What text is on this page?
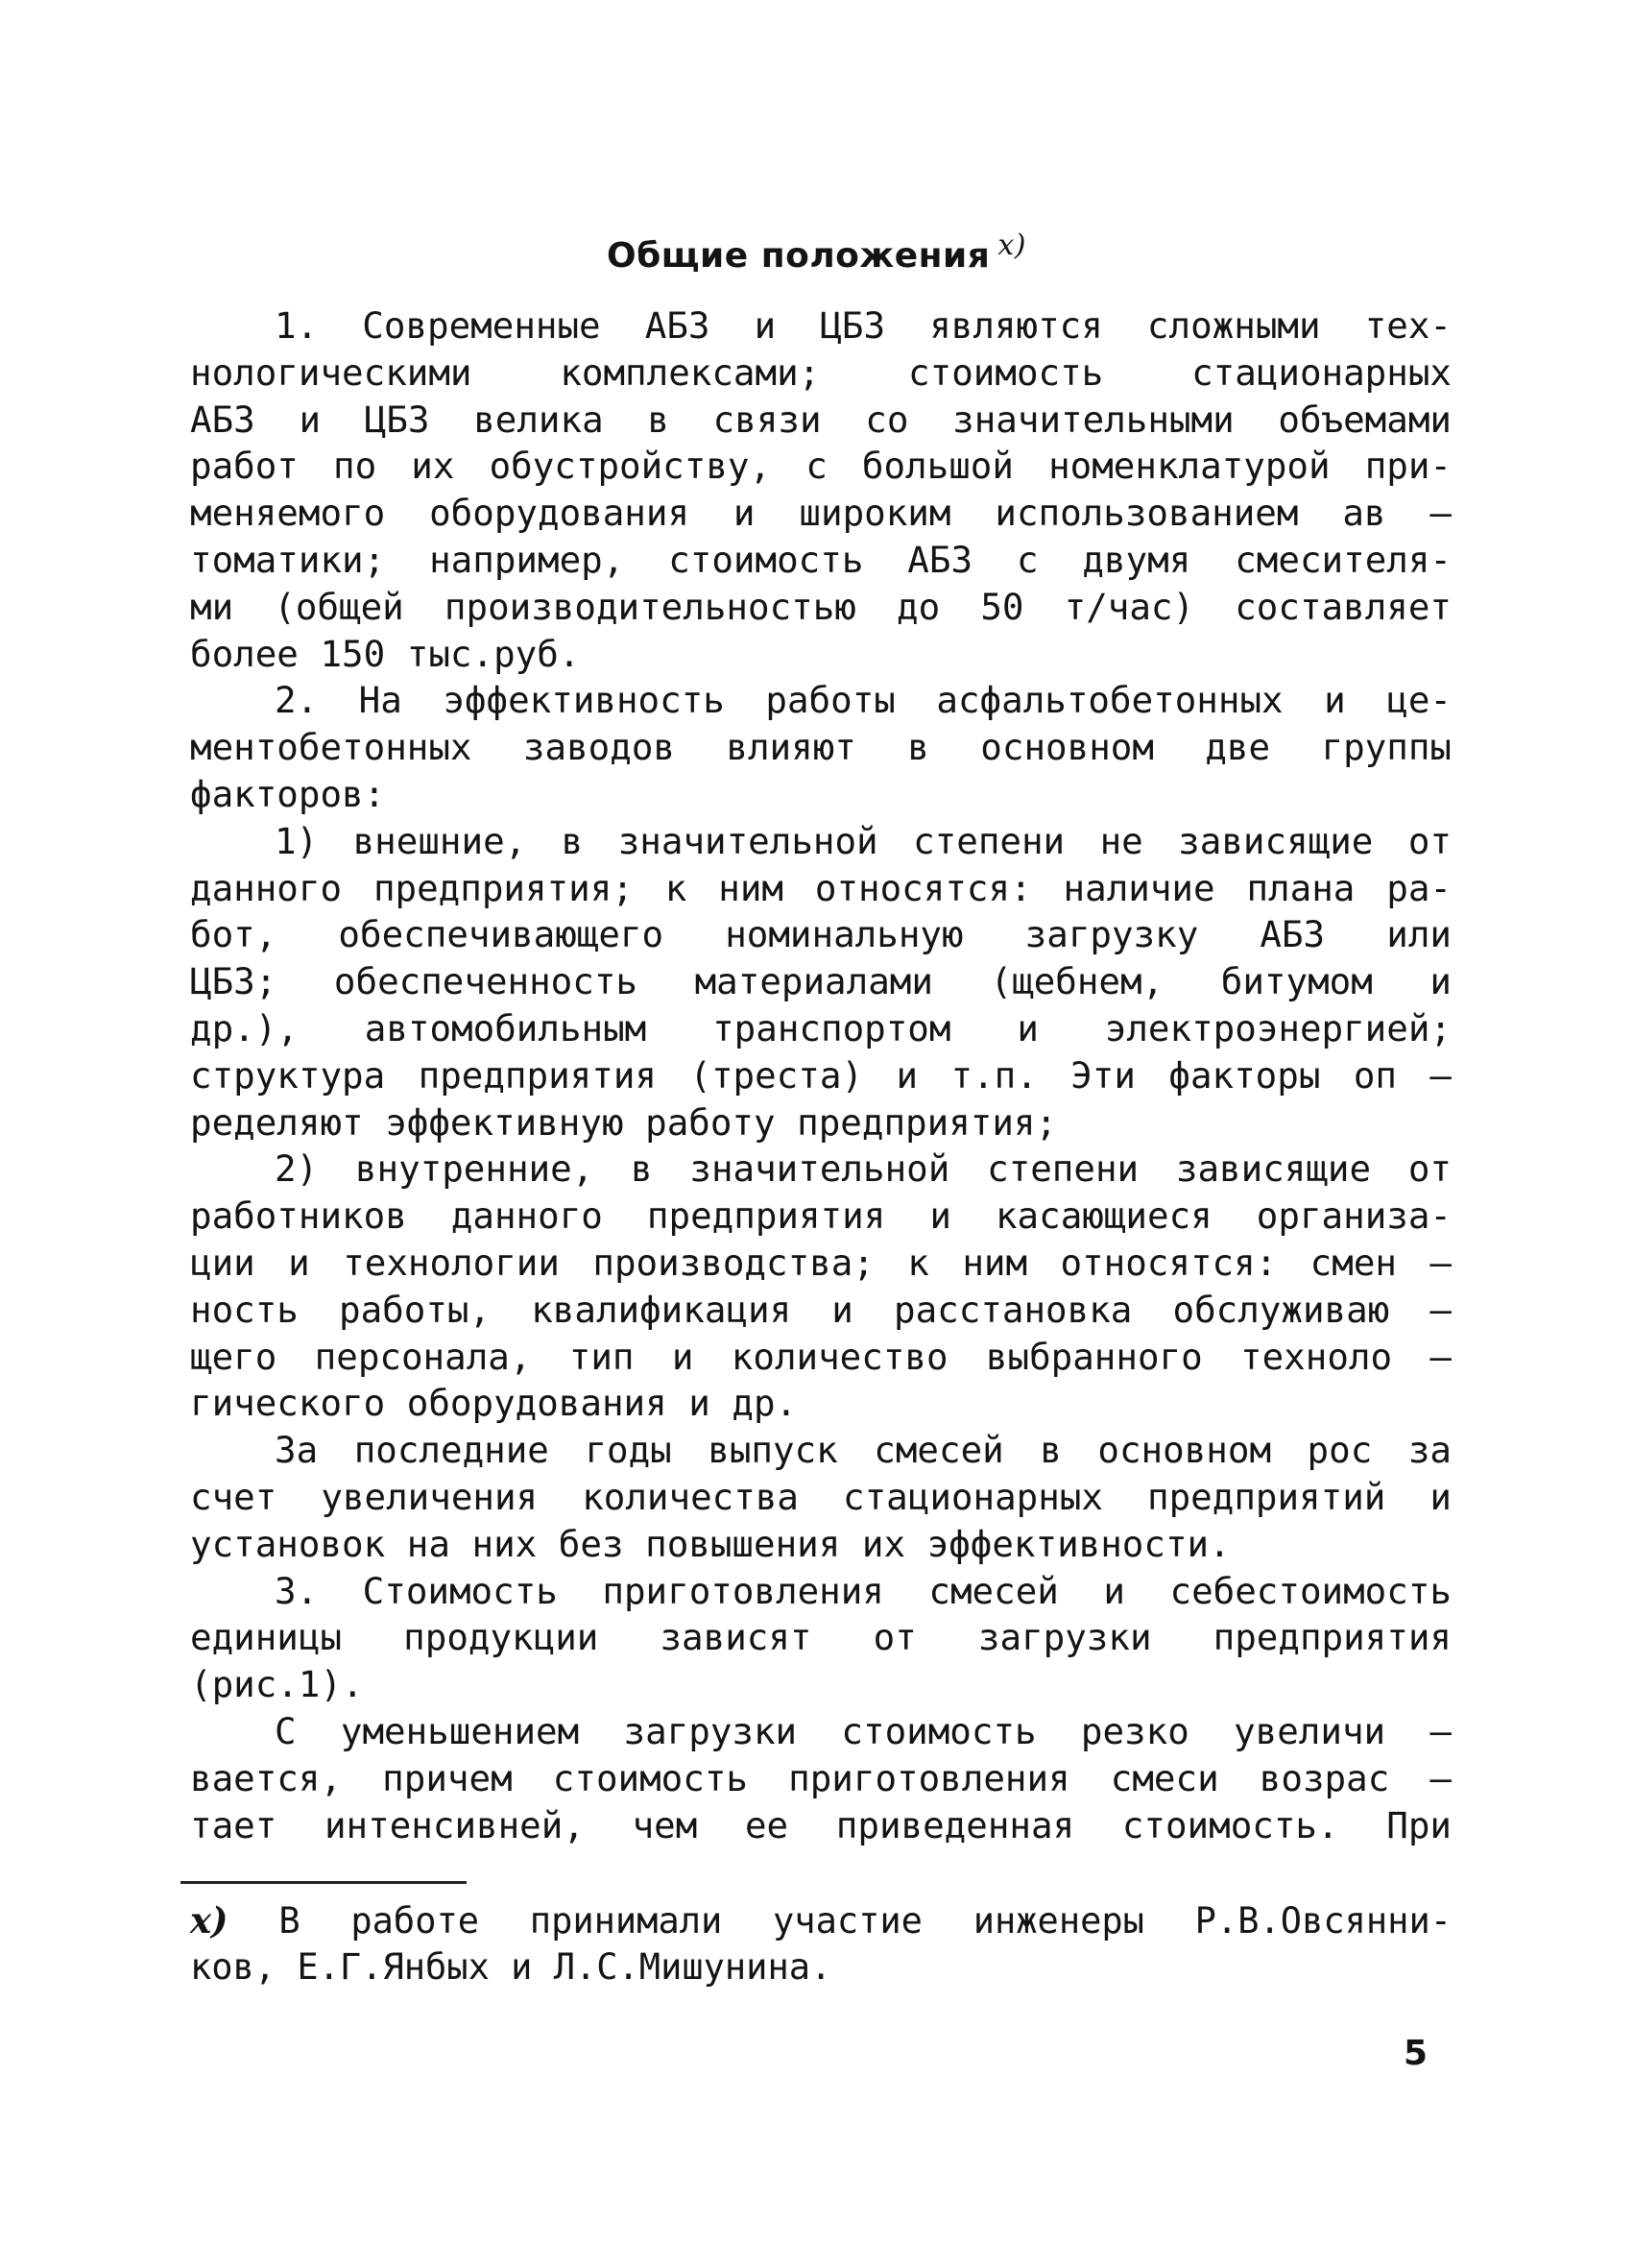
Общие положения $^{х)}$
1. Современные АБЗ и ЦБЗ являются сложными тех-
нологическими комплексами; стоимость стационарных
АБЗ и ЦБЗ велика в связи со значительными объемами
работ по их обустройству, с большой номенклатурой при-
меняемого оборудования и широким использованием ав –
томатики; например, стоимость АБЗ с двумя смесителя-
ми (общей производительностью до 50 т/час) составляет
более 150 тыс.руб.
2. На эффективность работы асфальтобетонных и це-
ментобетонных заводов влияют в основном две группы
факторов:
1) внешние, в значительной степени не зависящие от
данного предприятия; к ним относятся: наличие плана ра-
бот, обеспечивающего номинальную загрузку АБЗ или
ЦБЗ; обеспеченность материалами (щебнем, битумом и
др.), автомобильным транспортом и электроэнергией;
структура предприятия (треста) и т.п. Эти факторы оп –
ределяют эффективную работу предприятия;
2) внутренние, в значительной степени зависящие от
работников данного предприятия и касающиеся организа-
ции и технологии производства; к ним относятся: смен –
ность работы, квалификация и расстановка обслуживаю –
щего персонала, тип и количество выбранного техноло –
гического оборудования и др.
За последние годы выпуск смесей в основном рос за
счет увеличения количества стационарных предприятий и
установок на них без повышения их эффективности.
3. Стоимость приготовления смесей и себестоимость
единицы продукции зависят от загрузки предприятия
(рис.1).
С уменьшением загрузки стоимость резко увеличи –
вается, причем стоимость приготовления смеси возрас –
тает интенсивней, чем ее приведенная стоимость. При
х) В работе принимали участие инженеры Р.В.Овсянни-
ков, Е.Г.Янбых и Л.С.Мишунина.
5
